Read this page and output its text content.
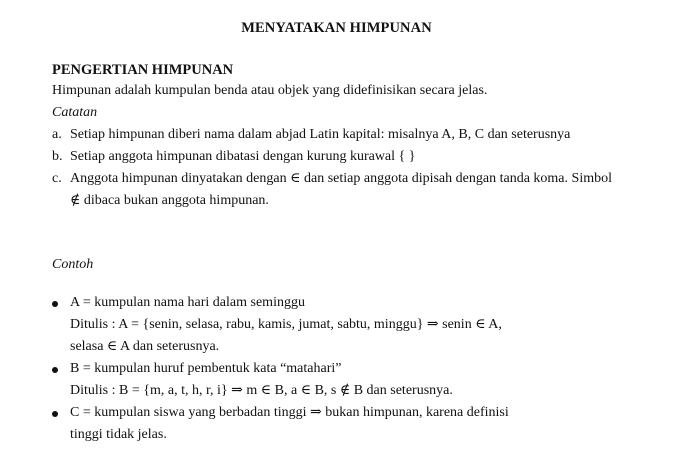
MENYATAKAN HIMPUNAN
PENGERTIAN HIMPUNAN
Himpunan adalah kumpulan benda atau objek yang didefinisikan secara jelas.
Catatan
a. Setiap himpunan diberi nama dalam abjad Latin kapital: misalnya A, B, C dan seterusnya
b. Setiap anggota himpunan dibatasi dengan kurung kurawal { }
c. Anggota himpunan dinyatakan dengan ∈ dan setiap anggota dipisah dengan tanda koma. Simbol ∉ dibaca bukan anggota himpunan.
Contoh
A = kumpulan nama hari dalam seminggu
Ditulis : A = {senin, selasa, rabu, kamis, jumat, sabtu, minggu} ⇒ senin ∈ A,
selasa ∈ A dan seterusnya.
B = kumpulan huruf pembentuk kata “matahari”
Ditulis : B = {m, a, t, h, r, i} ⇒ m ∈ B, a ∈ B, s ∉ B dan seterusnya.
C = kumpulan siswa yang berbadan tinggi ⇒ bukan himpunan, karena definisi
tinggi tidak jelas.
